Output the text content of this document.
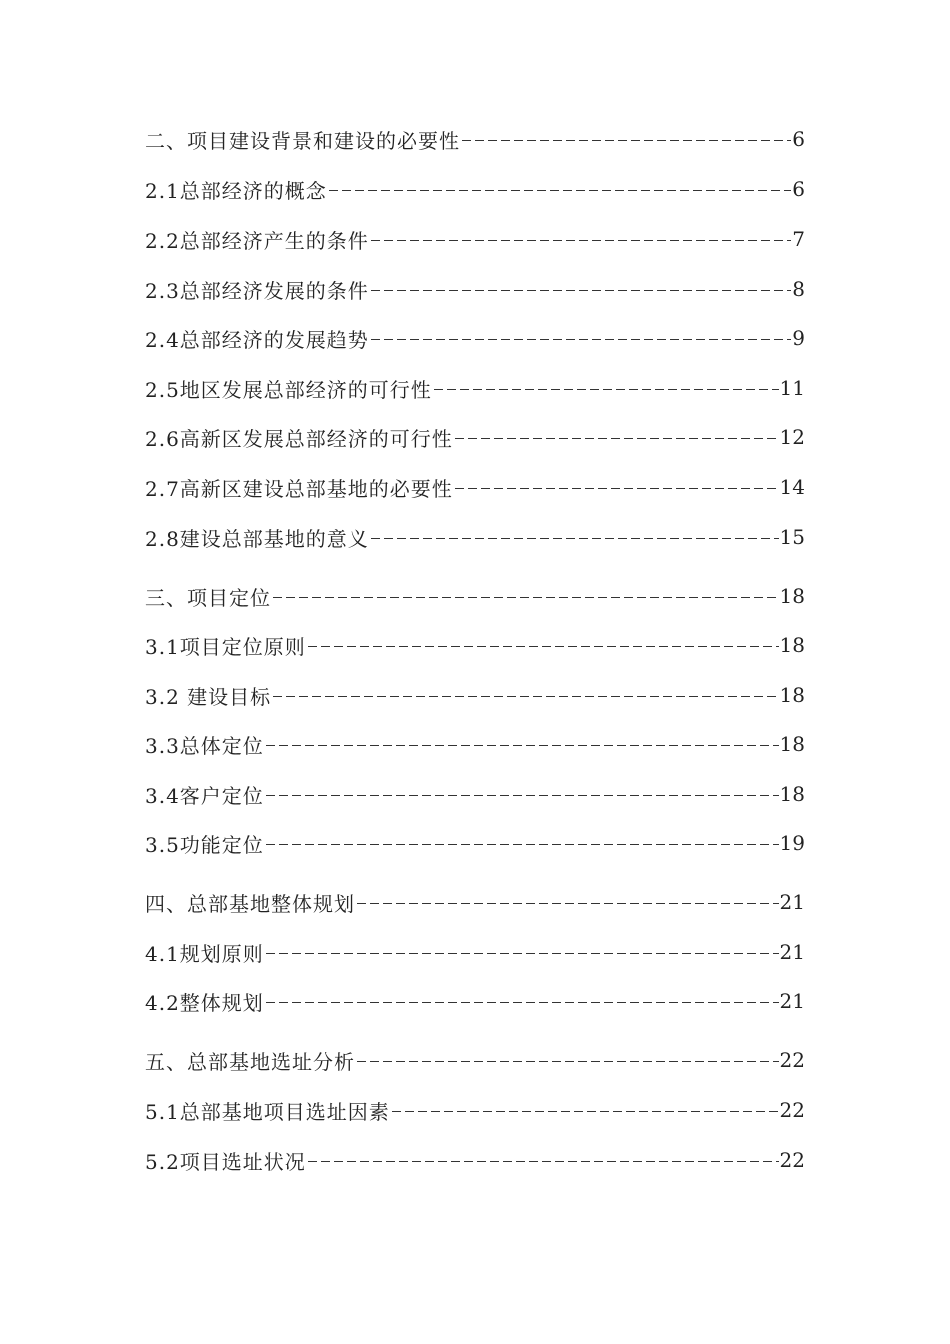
二、项目建设背景和建设的必要性	6
2.1总部经济的概念	6
2.2总部经济产生的条件	7
2.3总部经济发展的条件	8
2.4总部经济的发展趋势	9
2.5地区发展总部经济的可行性	11
2.6高新区发展总部经济的可行性	12
2.7高新区建设总部基地的必要性	14
2.8建设总部基地的意义	15
三、项目定位	18
3.1项目定位原则	18
3.2 建设目标	18
3.3总体定位	18
3.4客户定位	18
3.5功能定位	19
四、总部基地整体规划	21
4.1规划原则	21
4.2整体规划	21
五、总部基地选址分析	22
5.1总部基地项目选址因素	22
5.2项目选址状况	22
